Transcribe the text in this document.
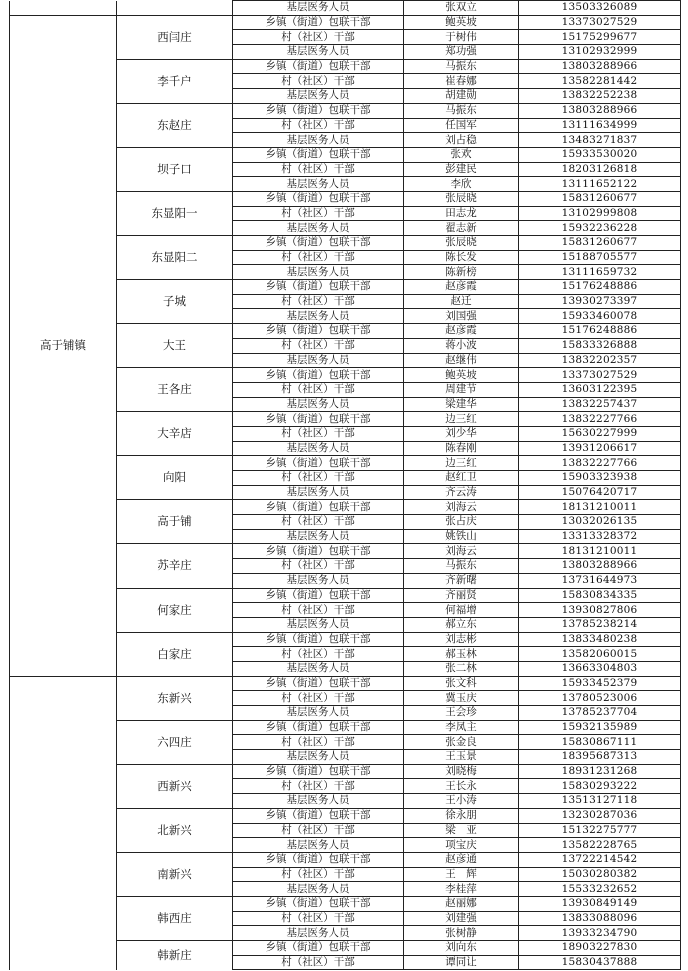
		基层医务人员	张双立	13503326089
高于铺镇	西闫庄	乡镇（街道）包联干部	鲍英坡	13373027529
		村（社区）干部	于树伟	15175299677
		基层医务人员	郑功强	13102932999
	李千户	乡镇（街道）包联干部	马振东	13803288966
		村（社区）干部	崔春娜	13582281442
		基层医务人员	胡建勋	13832252238
	东赵庄	乡镇（街道）包联干部	马振东	13803288966
		村（社区）干部	任国军	13111634999
		基层医务人员	刘占稳	13483271837
	坝子口	乡镇（街道）包联干部	张欢	15933530020
		村（社区）干部	彭建民	18203126818
		基层医务人员	李欣	13111652122
	东显阳一	乡镇（街道）包联干部	张辰晓	15831260677
		村（社区）干部	田志龙	13102999808
		基层医务人员	翟志新	15932236228
	东显阳二	乡镇（街道）包联干部	张辰晓	15831260677
		村（社区）干部	陈长发	15188705577
		基层医务人员	陈新榜	13111659732
	子城	乡镇（街道）包联干部	赵彦霞	15176248886
		村（社区）干部	赵迁	13930273397
		基层医务人员	刘国强	15933460078
	大王	乡镇（街道）包联干部	赵彦霞	15176248886
		村（社区）干部	蒋小波	15833326888
		基层医务人员	赵继伟	13832202357
	王各庄	乡镇（街道）包联干部	鲍英坡	13373027529
		村（社区）干部	周建节	13603122395
		基层医务人员	梁建华	13832257437
	大辛店	乡镇（街道）包联干部	边三红	13832227766
		村（社区）干部	刘少华	15630227999
		基层医务人员	陈春刚	13931206617
	向阳	乡镇（街道）包联干部	边三红	13832227766
		村（社区）干部	赵红卫	15903323938
		基层医务人员	齐云涛	15076420717
	高于铺	乡镇（街道）包联干部	刘海云	18131210011
		村（社区）干部	张占庆	13032026135
		基层医务人员	姚铁山	13313328372
	苏辛庄	乡镇（街道）包联干部	刘海云	18131210011
		村（社区）干部	马振东	13803288966
		基层医务人员	齐新曙	13731644973
	何家庄	乡镇（街道）包联干部	齐丽贤	15830834335
		村（社区）干部	何福增	13930827806
		基层医务人员	郝立东	13785238214
	白家庄	乡镇（街道）包联干部	刘志彬	13833480238
		村（社区）干部	郝玉林	13582060015
		基层医务人员	张二林	13663304803
	东新兴	乡镇（街道）包联干部	张文科	15933452379
		村（社区）干部	冀玉庆	13780523006
		基层医务人员	王会珍	13785237704
	六四庄	乡镇（街道）包联干部	李凤主	15932135989
		村（社区）干部	张金良	15830867111
		基层医务人员	王玉景	18395687313
	西新兴	乡镇（街道）包联干部	刘晓梅	18931231268
		村（社区）干部	王长永	15830293222
		基层医务人员	王小涛	13513127118
	北新兴	乡镇（街道）包联干部	徐永朋	13230287036
		村（社区）干部	梁　亚	15132275777
		基层医务人员	项宝庆	13582228765
	南新兴	乡镇（街道）包联干部	赵彦通	13722214542
		村（社区）干部	王　辉	15030280382
		基层医务人员	李桂萍	15533232652
	韩西庄	乡镇（街道）包联干部	赵丽娜	13930849149
		村（社区）干部	刘建强	13833088096
		基层医务人员	张树静	13933234790
	韩新庄	乡镇（街道）包联干部	刘向东	18903227830
		村（社区）干部	谭同让	15830437888
